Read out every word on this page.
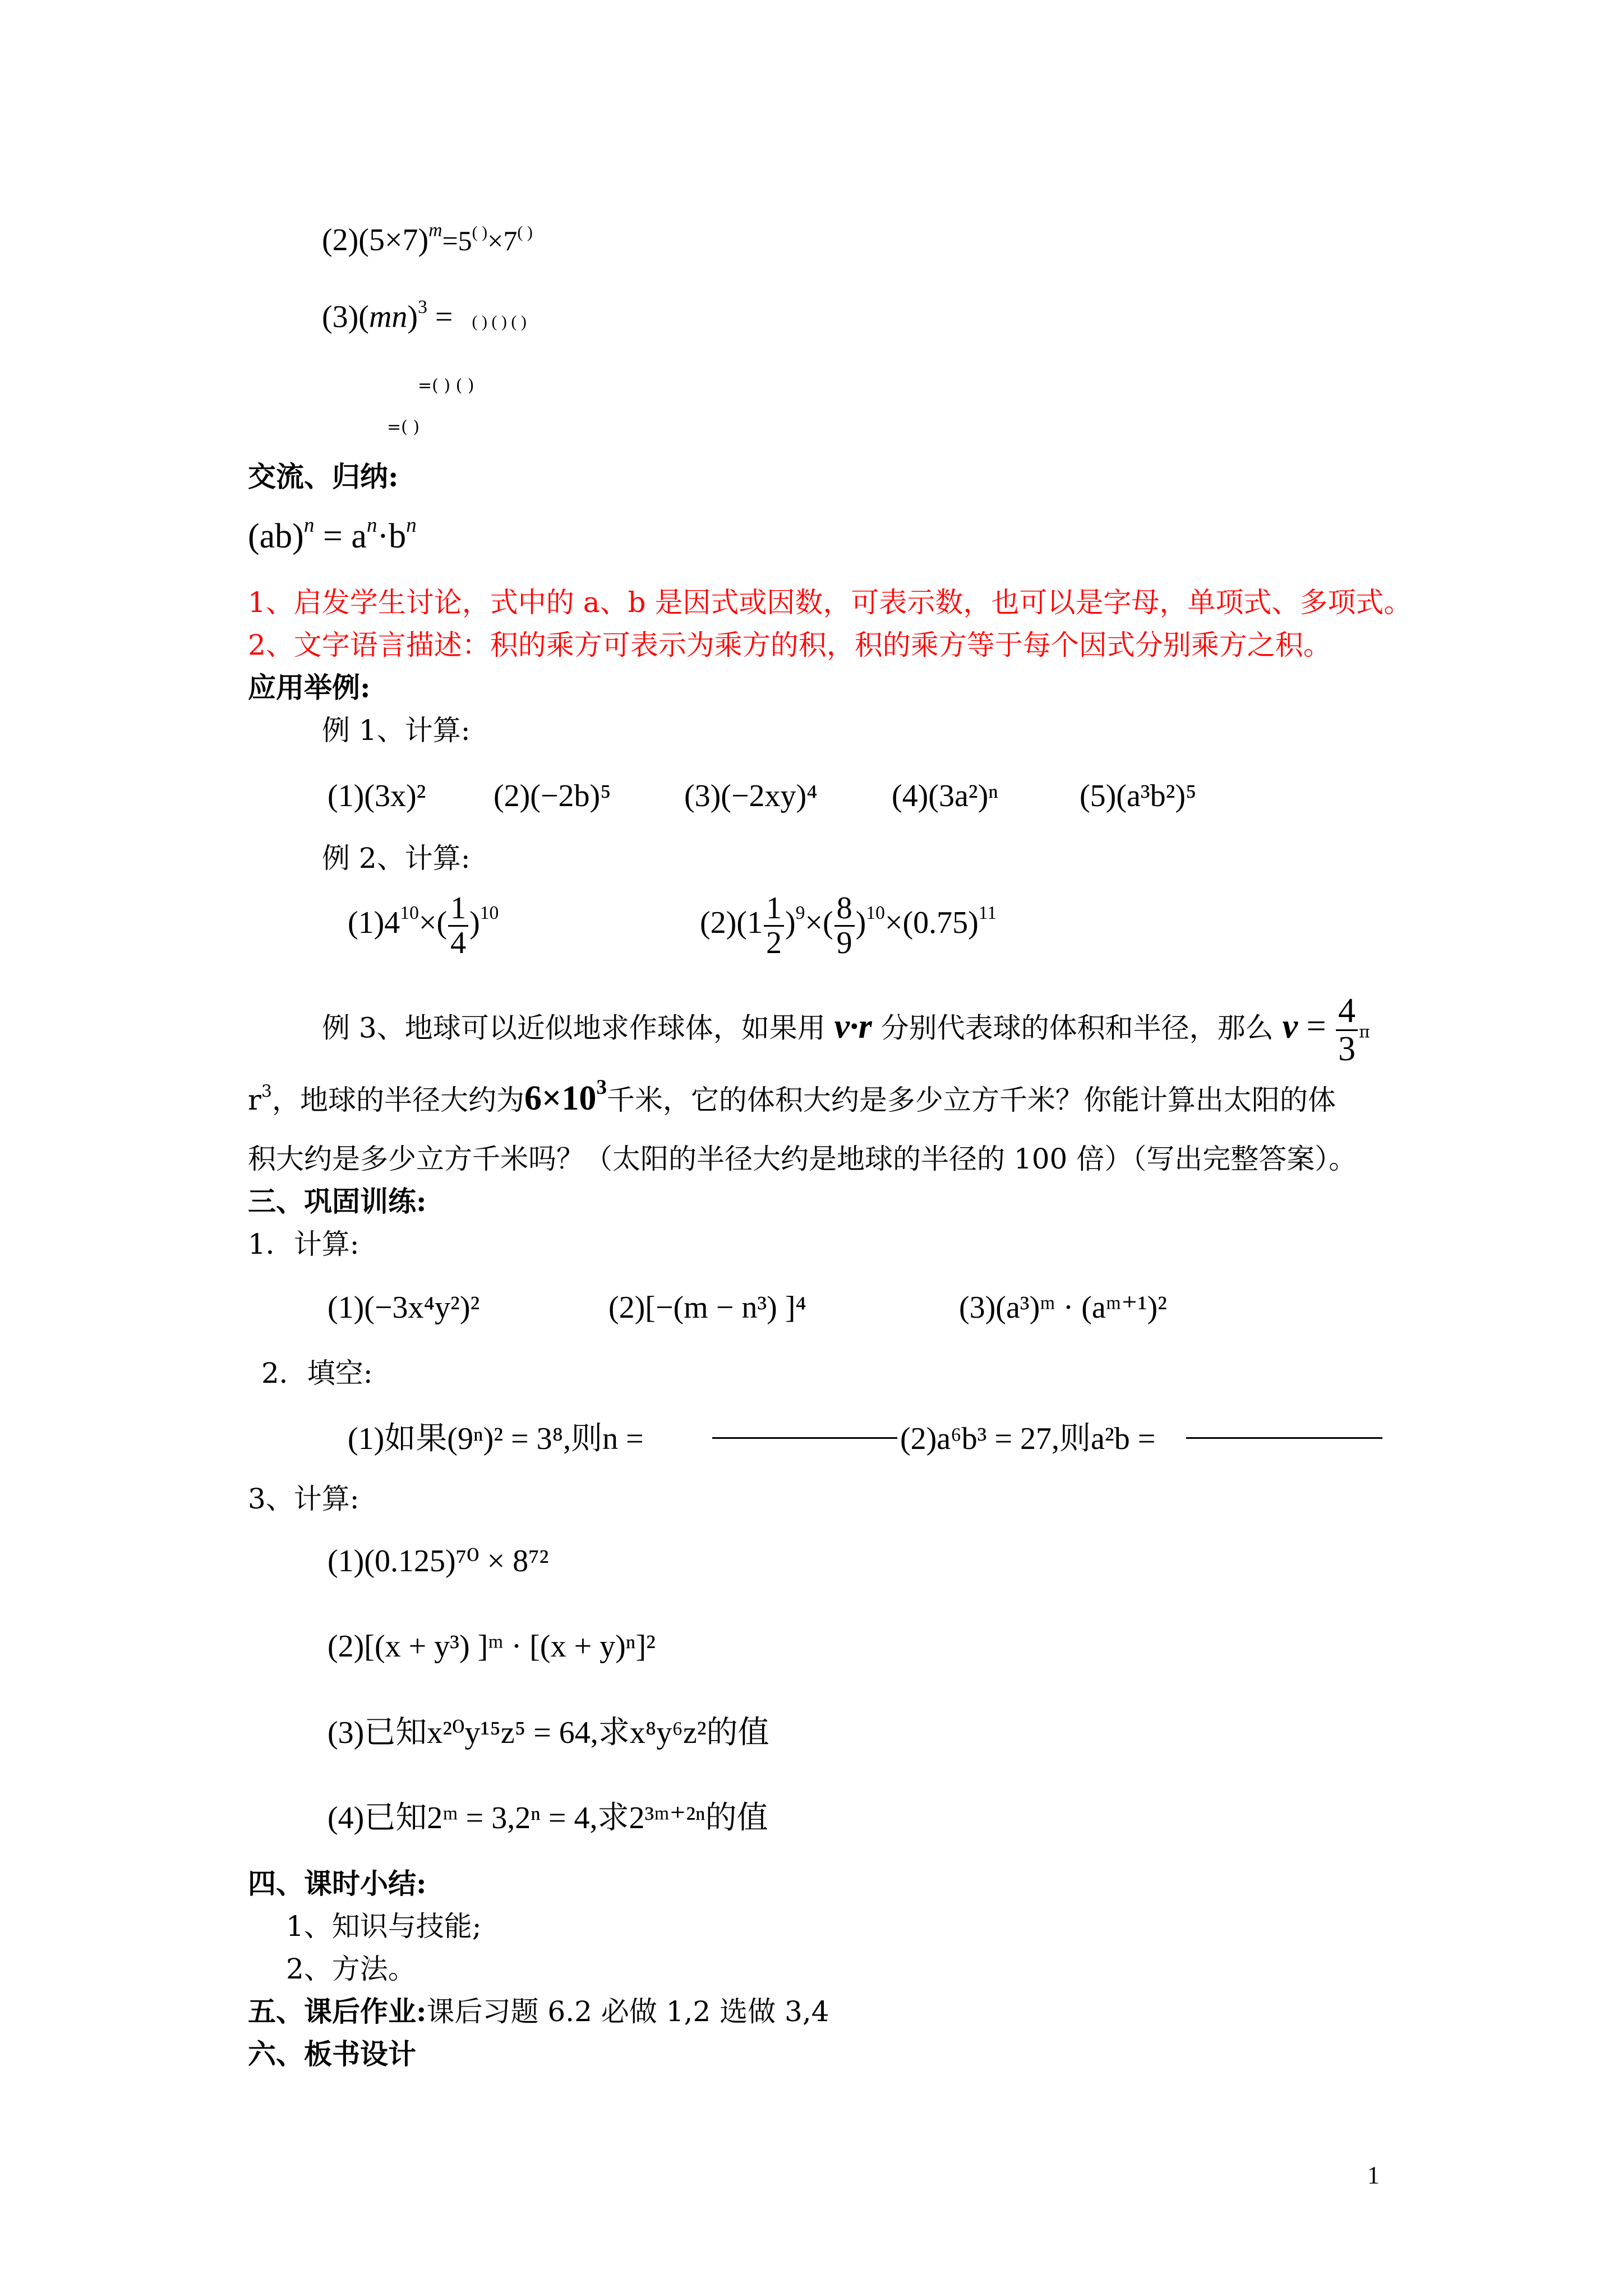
$(2)(5\times 7)^m=5^{( )}\times 7^{( )}$
(3)(mn)$^3$ = ( ) ( ) ( )
=( ) ( )
=( )
交流、归纳:
$(ab)^n = a^n\cdot b^n$
1、启发学生讨论，式中的 a、b 是因式或因数，可表示数，也可以是字母，单项式、多项式。
2、文字语言描述：积的乘方可表示为乘方的积，积的乘方等于每个因式分别乘方之积。
应用举例:
例 1、计算:
(1)(3x)² (2)(−2b)⁵ (3)(−2xy)⁴ (4)(3a²)ⁿ	(5)(a³b²)⁵
例 2、计算:
$(1)4^{10}\times( \frac{1}{4} )^{10}$	$(2)(1 \frac{1}{2} )^9\times( \frac{8}{9} )^{10}\times(0.75)^{11}$
例 3、地球可以近似地求作球体，如果用 v·r 分别代表球的体积和半径，那么 $v = \frac{4}{3}$ π
$r^3$，地球的半径大约为$6\times 10^3$千米，它的体积大约是多少立方千米？你能计算出太阳的体
积大约是多少立方千米吗？（太阳的半径大约是地球的半径的 100 倍）（写出完整答案）。
三、巩固训练:
1．计算:
(1)(−3x⁴y²)²	(2)[−(m − n³) ]⁴	(3)(a³)ᵐ · (aᵐ⁺¹)²
2．填空:
(1)如果(9ⁿ)² = 3⁸,则n =	(2)a⁶b³ = 27,则a²b =
3、计算:
(1)(0.125)⁷⁰ × 8⁷²
(2)[(x + y³) ]ᵐ · [(x + y)ⁿ]²
(3)已知x²⁰y¹⁵z⁵ = 64,求x⁸y⁶z²的值
(4)已知2ᵐ = 3,2ⁿ = 4,求2³ᵐ⁺²ⁿ的值
四、课时小结:
1、知识与技能;
2、方法。
五、课后作业:课后习题 6.2 必做 1,2 选做 3,4
六、板书设计
1
